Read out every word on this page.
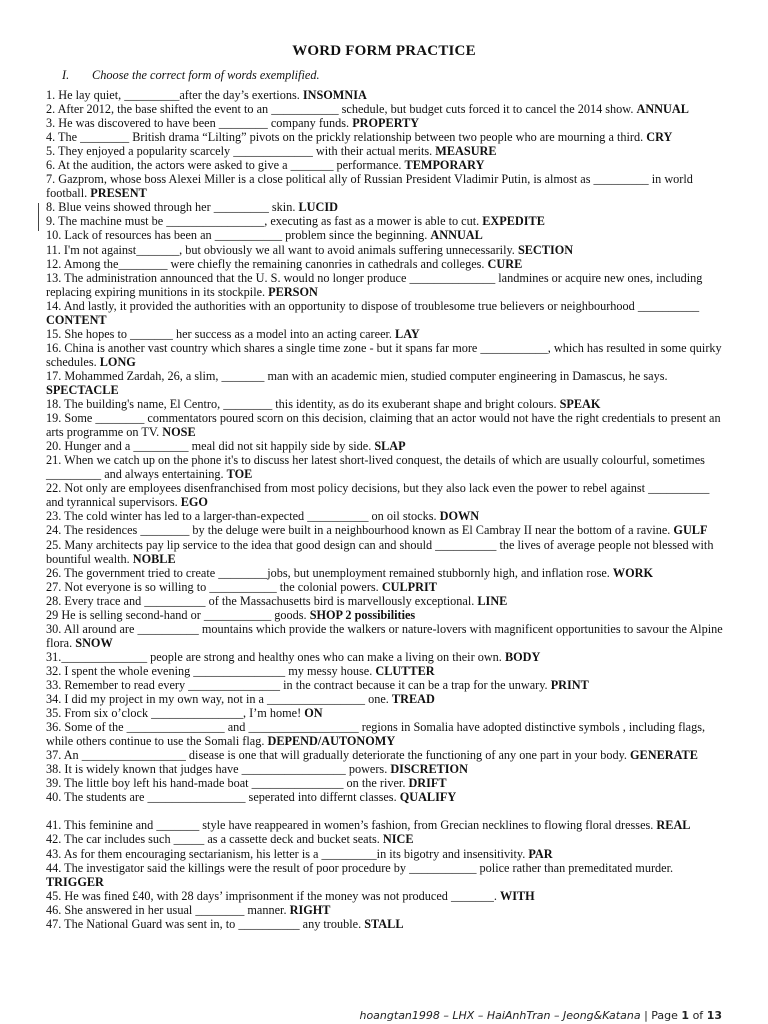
WORD FORM PRACTICE
I. Choose the correct form of words exemplified.

1. He lay quiet, _________after the day’s exertions. INSOMNIA

2. After 2012, the base shifted the event to an ___________ schedule, but budget cuts forced it to cancel the 2014 show. ANNUAL

3. He was discovered to have been ________ company funds. PROPERTY

4. The ________ British drama “Lilting” pivots on the prickly relationship between two people who are mourning a third. CRY

5. They enjoyed a popularity scarcely _____________ with their actual merits. MEASURE

6. At the audition, the actors were asked to give a _______ performance. TEMPORARY

7. Gazprom, whose boss Alexei Miller is a close political ally of Russian President Vladimir Putin, is almost as _________ in world football. PRESENT

8. Blue veins showed through her _________ skin. LUCID

9. The machine must be ________________, executing as fast as a mower is able to cut. EXPEDITE

10. Lack of resources has been an ___________ problem since the beginning. ANNUAL

11. I'm not against_______, but obviously we all want to avoid animals suffering unnecessarily. SECTION

12. Among the________ were chiefly the remaining canonries in cathedrals and colleges. CURE

13. The administration announced that the U. S. would no longer produce ______________ landmines or acquire new ones, including replacing expiring munitions in its stockpile. PERSON

14. And lastly, it provided the authorities with an opportunity to dispose of troublesome true believers or neighbourhood __________ CONTENT

15. She hopes to _______ her success as a model into an acting career. LAY

16. China is another vast country which shares a single time zone - but it spans far more ___________, which has resulted in some quirky schedules. LONG

17. Mohammed Zardah, 26, a slim, _______ man with an academic mien, studied computer engineering in Damascus, he says. SPECTACLE

18. The building's name, El Centro, ________ this identity, as do its exuberant shape and bright colours. SPEAK

19. Some ________ commentators poured scorn on this decision, claiming that an actor would not have the right credentials to present an arts programme on TV. NOSE

20. Hunger and a _________ meal did not sit happily side by side. SLAP

21. When we catch up on the phone it's to discuss her latest short-lived conquest, the details of which are usually colourful, sometimes _________ and always entertaining. TOE

22. Not only are employees disenfranchised from most policy decisions, but they also lack even the power to rebel against __________ and tyrannical supervisors. EGO

23. The cold winter has led to a larger-than-expected __________ on oil stocks. DOWN

24. The residences ________ by the deluge were built in a neighbourhood known as El Cambray II near the bottom of a ravine. GULF

25. Many architects pay lip service to the idea that good design can and should __________ the lives of average people not blessed with bountiful wealth. NOBLE

26. The government tried to create ________jobs, but unemployment remained stubbornly high, and inflation rose. WORK

27. Not everyone is so willing to ___________ the colonial powers. CULPRIT

28. Every trace and __________ of the Massachusetts bird is marvellously exceptional. LINE

29 He is selling second-hand or ___________ goods. SHOP 2 possibilities

30. All around are __________ mountains which provide the walkers or nature-lovers with magnificent opportunities to savour the Alpine flora. SNOW

31.______________ people are strong and healthy ones who can make a living on their own. BODY

32. I spent the whole evening _______________ my messy house. CLUTTER

33. Remember to read every _______________ in the contract because it can be a trap for the unwary. PRINT

34. I did my project in my own way, not in a ________________ one. TREAD

35. From six o’clock _______________, I’m home! ON

36. Some of the ________________ and __________________ regions in Somalia have adopted distinctive symbols , including flags, while others continue to use the Somali flag. DEPEND/AUTONOMY

37. An _________________ disease is one that will gradually deteriorate the functioning of any one part in your body. GENERATE

38. It is widely known that judges have _________________ powers. DISCRETION

39. The little boy left his hand-made boat _______________ on the river. DRIFT

40. The students are ________________ seperated into differnt classes. QUALIFY

41. This feminine and _______ style have reappeared in women’s fashion, from Grecian necklines to flowing floral dresses. REAL

42. The car includes such _____ as a cassette deck and bucket seats. NICE

43. As for them encouraging sectarianism, his letter is a _________in its bigotry and insensitivity. PAR

44. The investigator said the killings were the result of poor procedure by ___________ police rather than premeditated murder. TRIGGER

45. He was fined £40, with 28 days’ imprisonment if the money was not produced _______. WITH

46. She answered in her usual ________ manner. RIGHT

47. The National Guard was sent in, to __________ any trouble. STALL

hoangtan1998 – LHX – HaiAnhTran – Jeong&Katana | Page 1 of 13
